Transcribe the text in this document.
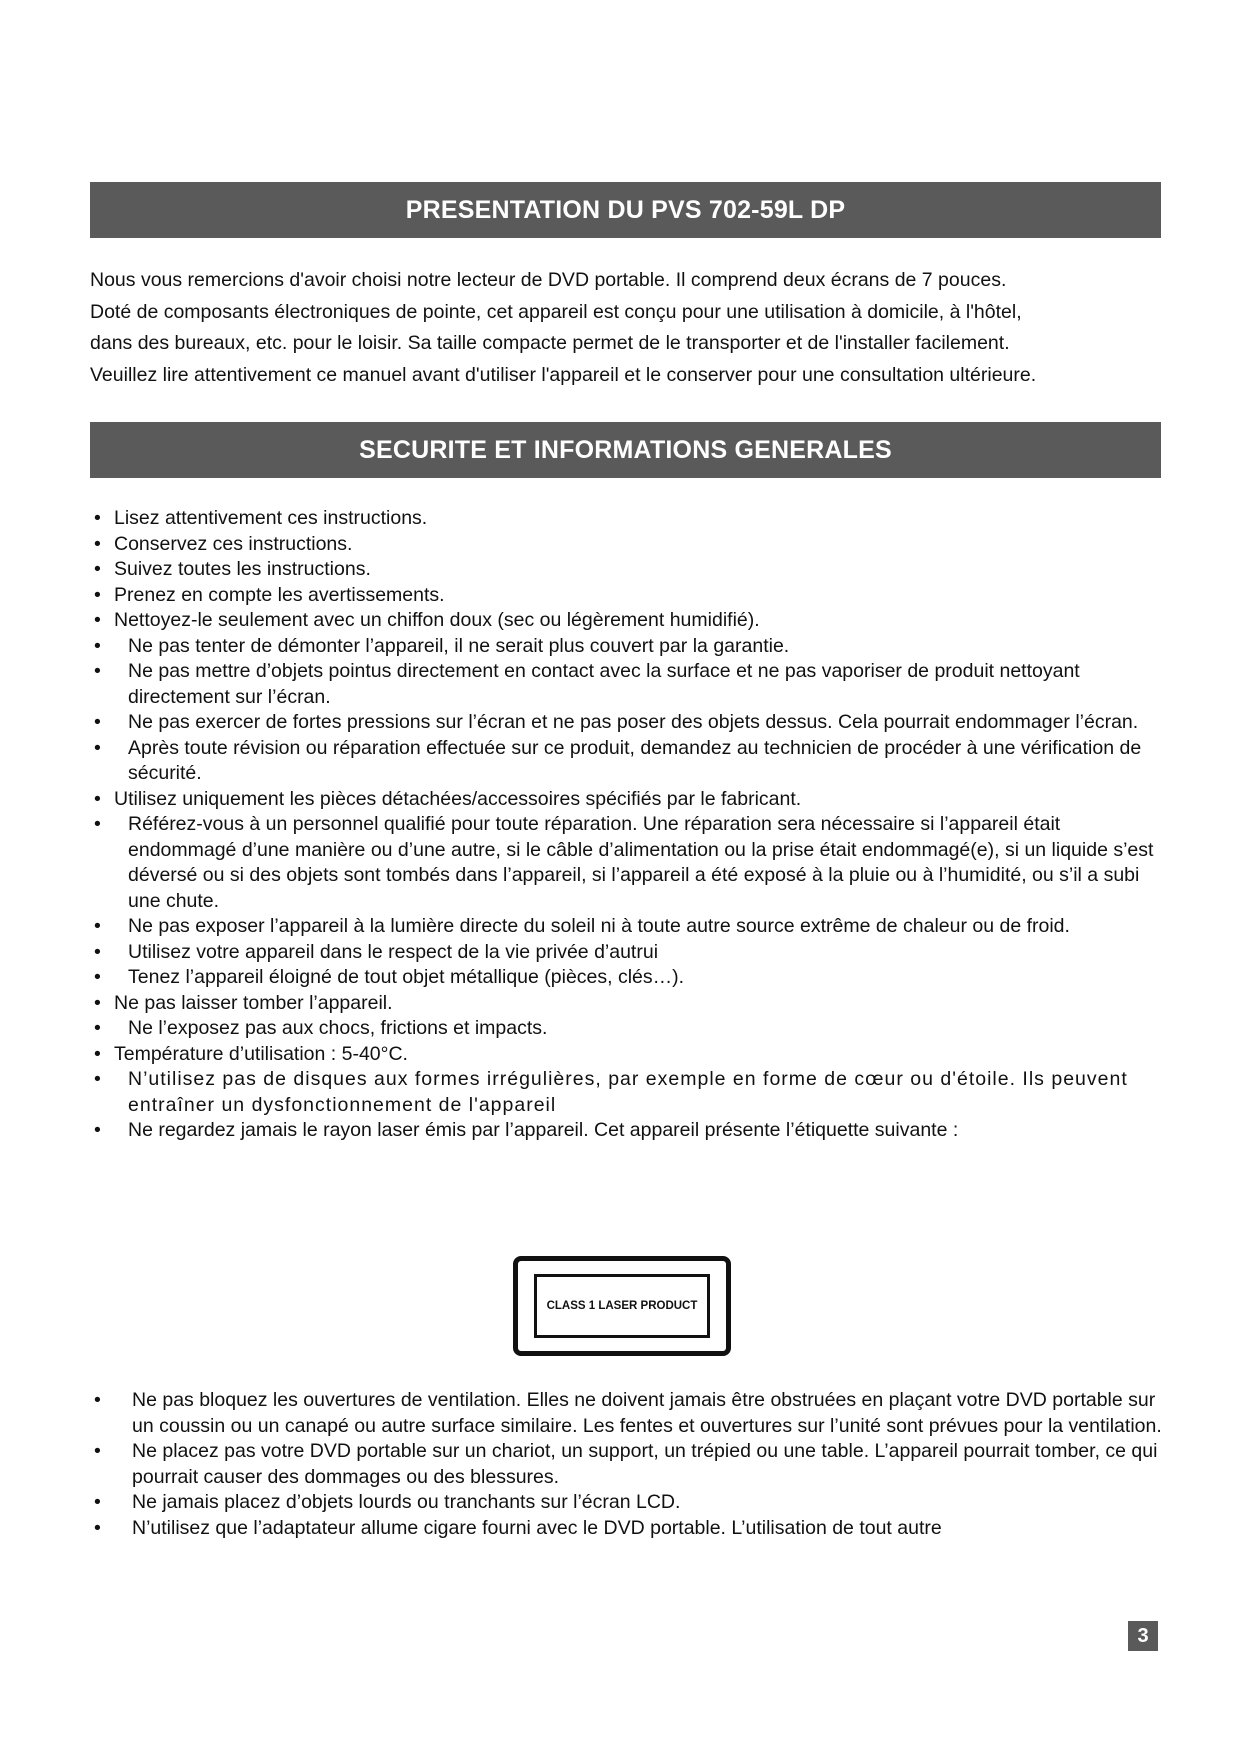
PRESENTATION DU PVS 702-59L DP

Nous vous remercions d'avoir choisi notre lecteur de DVD portable. Il comprend deux écrans de 7 pouces.

Doté de composants électroniques de pointe, cet appareil est conçu pour une utilisation à domicile, à l'hôtel,

dans des bureaux, etc. pour le loisir. Sa taille compacte permet de le transporter et de l'installer facilement.

Veuillez lire attentivement ce manuel avant d'utiliser l'appareil et le conserver pour une consultation ultérieure.

SECURITE ET INFORMATIONS GENERALES
• Lisez attentivement ces instructions.
• Conservez ces instructions.
• Suivez toutes les instructions.
• Prenez en compte les avertissements.
• Nettoyez-le seulement avec un chiffon doux (sec ou légèrement humidifié).
• Ne pas tenter de démonter l’appareil, il ne serait plus couvert par la garantie.
• Ne pas mettre d’objets pointus directement en contact avec la surface et ne pas vaporiser de produit nettoyant directement sur l’écran.
• Ne pas exercer de fortes pressions sur l’écran et ne pas poser des objets dessus. Cela pourrait endommager l’écran.
• Après toute révision ou réparation effectuée sur ce produit, demandez au technicien de procéder à une vérification de sécurité.
• Utilisez uniquement les pièces détachées/accessoires spécifiés par le fabricant.
• Référez-vous à un personnel qualifié pour toute réparation. Une réparation sera nécessaire si l’appareil était endommagé d’une manière ou d’une autre, si le câble d’alimentation ou la prise était endommagé(e), si un liquide s’est déversé ou si des objets sont tombés dans l’appareil, si l’appareil a été exposé à la pluie ou à l’humidité, ou s’il a subi une chute.
• Ne pas exposer l’appareil à la lumière directe du soleil ni à toute autre source extrême de chaleur ou de froid.
• Utilisez votre appareil dans le respect de la vie privée d’autrui
• Tenez l’appareil éloigné de tout objet métallique (pièces, clés…).
• Ne pas laisser tomber l’appareil.
• Ne l’exposez pas aux chocs, frictions et impacts.
• Température d’utilisation : 5-40°C.
• N’utilisez pas de disques aux formes irrégulières, par exemple en forme de cœur ou d'étoile. Ils peuvent entraîner un dysfonctionnement de l'appareil
• Ne regardez jamais le rayon laser émis par l’appareil. Cet appareil présente l’étiquette suivante :
CLASS 1 LASER PRODUCT
• Ne pas bloquez les ouvertures de ventilation. Elles ne doivent jamais être obstruées en plaçant votre DVD portable sur un coussin ou un canapé ou autre surface similaire. Les fentes et ouvertures sur l’unité sont prévues pour la ventilation.
• Ne placez pas votre DVD portable sur un chariot, un support, un trépied ou une table. L’appareil pourrait tomber, ce qui pourrait causer des dommages ou des blessures.
• Ne jamais placez d’objets lourds ou tranchants sur l’écran LCD.
• N’utilisez que l’adaptateur allume cigare fourni avec le DVD portable. L’utilisation de tout autre
3
